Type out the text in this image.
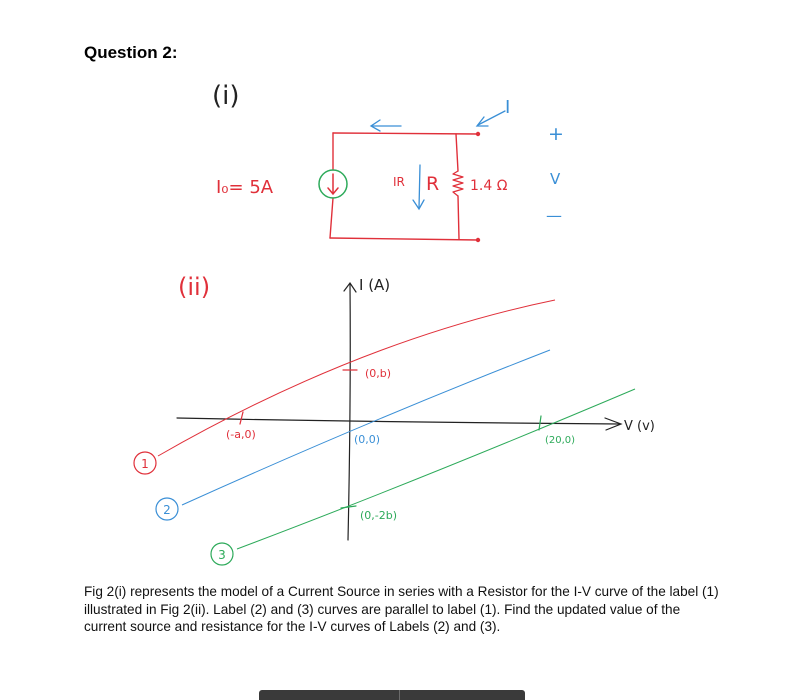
Question 2:
(i)
I₀= 5A	IR R 1.4 Ω
I
+
V
—
(ii)	I (A)
V (v)
(0,b)
(-a,0)	(0,0)	(20,0)
(0,-2b)
1
2
3
Fig 2(i) represents the model of a Current Source in series with a Resistor for the I-V curve of the label (1) illustrated in Fig 2(ii). Label (2) and (3) curves are parallel to label (1). Find the updated value of the current source and resistance for the I-V curves of Labels (2) and (3).
